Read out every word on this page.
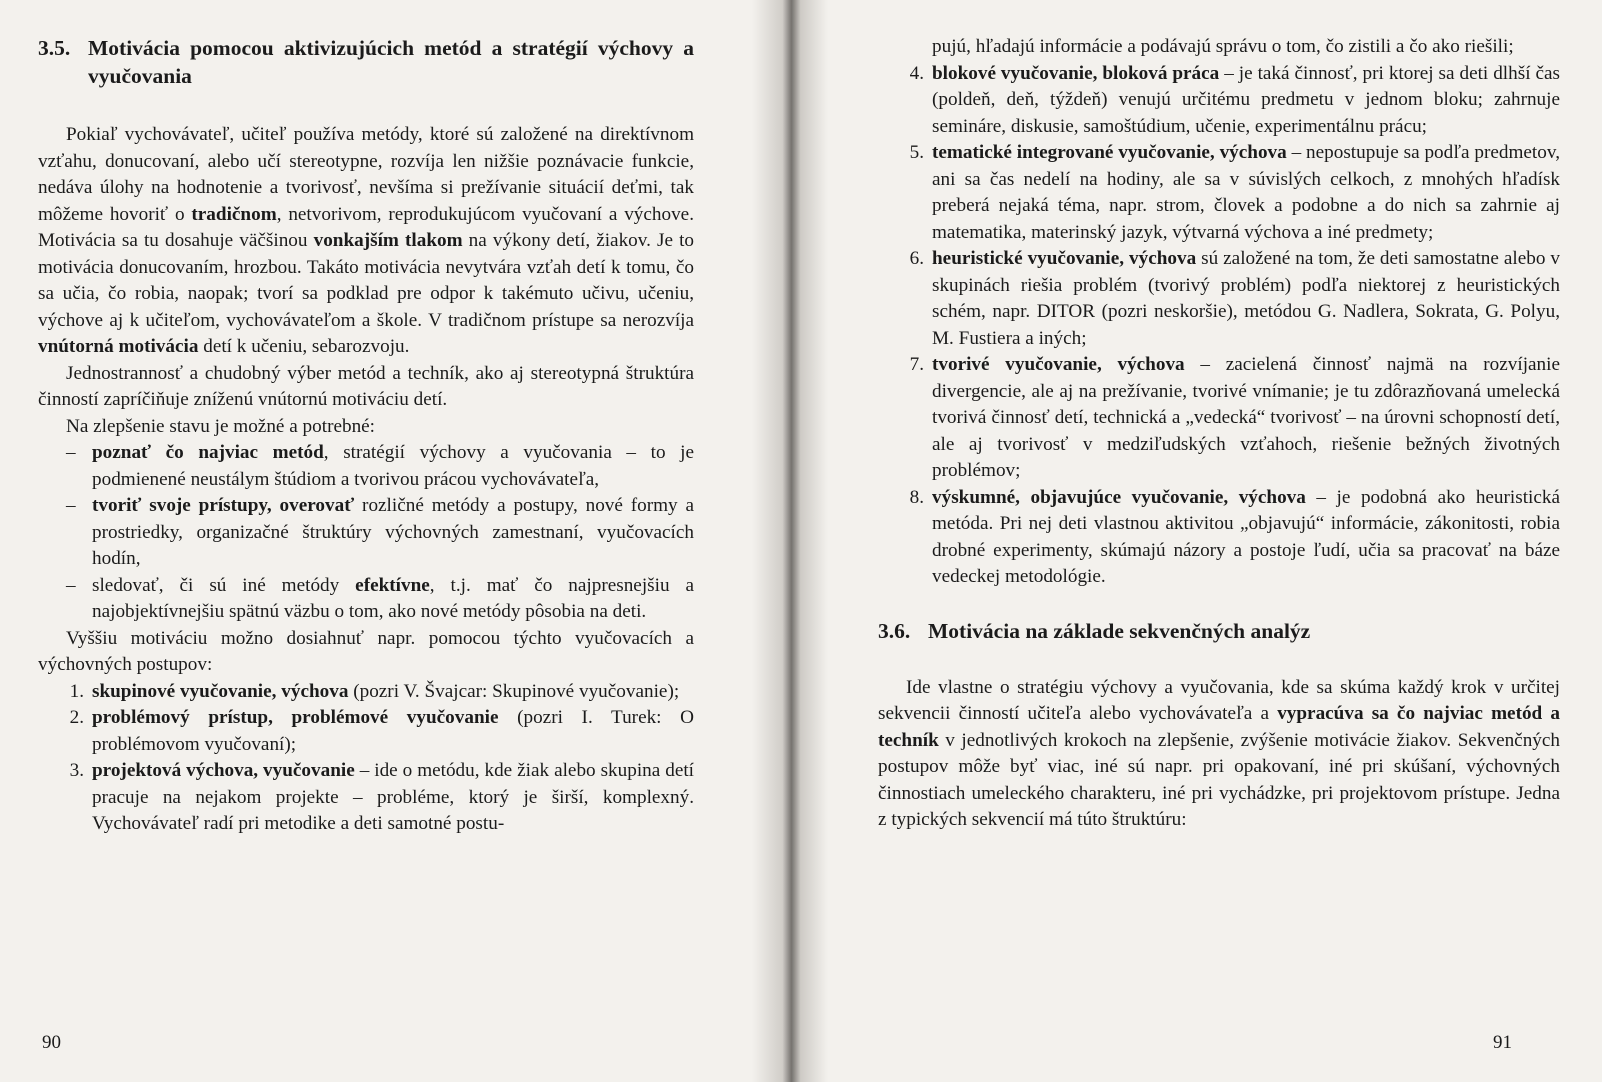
3.5. Motivácia pomocou aktivizujúcich metód a stratégií výchovy a vyučovania

Pokiaľ vychovávateľ, učiteľ používa metódy, ktoré sú založené na direktívnom vzťahu, donucovaní, alebo učí stereotypne, rozvíja len nižšie poznávacie funkcie, nedáva úlohy na hodnotenie a tvorivosť, nevšíma si prežívanie situácií deťmi, tak môžeme hovoriť o tradičnom, netvorivom, reprodukujúcom vyučovaní a výchove. Motivácia sa tu dosahuje väčšinou vonkajším tlakom na výkony detí, žiakov. Je to motivácia donucovaním, hrozbou. Takáto motivácia nevytvára vzťah detí k tomu, čo sa učia, čo robia, naopak; tvorí sa podklad pre odpor k takémuto učivu, učeniu, výchove aj k učiteľom, vychovávateľom a škole. V tradičnom prístupe sa nerozvíja vnútorná motivácia detí k učeniu, sebarozvoju.

Jednostrannosť a chudobný výber metód a techník, ako aj stereotypná štruktúra činností zapríčiňuje zníženú vnútornú motiváciu detí.

Na zlepšenie stavu je možné a potrebné:

– poznať čo najviac metód, stratégií výchovy a vyučovania – to je podmienené neustálym štúdiom a tvorivou prácou vychovávateľa,
– tvoriť svoje prístupy, overovať rozličné metódy a postupy, nové formy a prostriedky, organizačné štruktúry výchovných zamestnaní, vyučovacích hodín,
– sledovať, či sú iné metódy efektívne, t.j. mať čo najpresnejšiu a najobjektívnejšiu spätnú väzbu o tom, ako nové metódy pôsobia na deti.

Vyššiu motiváciu možno dosiahnuť napr. pomocou týchto vyučovacích a výchovných postupov:

1. skupinové vyučovanie, výchova (pozri V. Švajcar: Skupinové vyučovanie);
2. problémový prístup, problémové vyučovanie (pozri I. Turek: O problémovom vyučovaní);
3. projektová výchova, vyučovanie – ide o metódu, kde žiak alebo skupina detí pracuje na nejakom projekte – probléme, ktorý je širší, komplexný. Vychovávateľ radí pri metodike a deti samotné postu-
90
pujú, hľadajú informácie a podávajú správu o tom, čo zistili a čo ako riešili;
4. blokové vyučovanie, bloková práca – je taká činnosť, pri ktorej sa deti dlhší čas (poldeň, deň, týždeň) venujú určitému predmetu v jednom bloku; zahrnuje semináre, diskusie, samoštúdium, učenie, experimentálnu prácu;
5. tematické integrované vyučovanie, výchova – nepostupuje sa podľa predmetov, ani sa čas nedelí na hodiny, ale sa v súvislých celkoch, z mnohých hľadísk preberá nejaká téma, napr. strom, človek a podobne a do nich sa zahrnie aj matematika, materinský jazyk, výtvarná výchova a iné predmety;
6. heuristické vyučovanie, výchova sú založené na tom, že deti samostatne alebo v skupinách riešia problém (tvorivý problém) podľa niektorej z heuristických schém, napr. DITOR (pozri neskoršie), metódou G. Nadlera, Sokrata, G. Polyu, M. Fustiera a iných;
7. tvorivé vyučovanie, výchova – zacielená činnosť najmä na rozvíjanie divergencie, ale aj na prežívanie, tvorivé vnímanie; je tu zdôrazňovaná umelecká tvorivá činnosť detí, technická a „vedecká“ tvorivosť – na úrovni schopností detí, ale aj tvorivosť v medziľudských vzťahoch, riešenie bežných životných problémov;
8. výskumné, objavujúce vyučovanie, výchova – je podobná ako heuristická metóda. Pri nej deti vlastnou aktivitou „objavujú“ informácie, zákonitosti, robia drobné experimenty, skúmajú názory a postoje ľudí, učia sa pracovať na báze vedeckej metodológie.
3.6. Motivácia na základe sekvenčných analýz

Ide vlastne o stratégiu výchovy a vyučovania, kde sa skúma každý krok v určitej sekvencii činností učiteľa alebo vychovávateľa a vypracúva sa čo najviac metód a techník v jednotlivých krokoch na zlepšenie, zvýšenie motivácie žiakov. Sekvenčných postupov môže byť viac, iné sú napr. pri opakovaní, iné pri skúšaní, výchovných činnostiach umeleckého charakteru, iné pri vychádzke, pri projektovom prístupe. Jedna z typických sekvencií má túto štruktúru:

91
